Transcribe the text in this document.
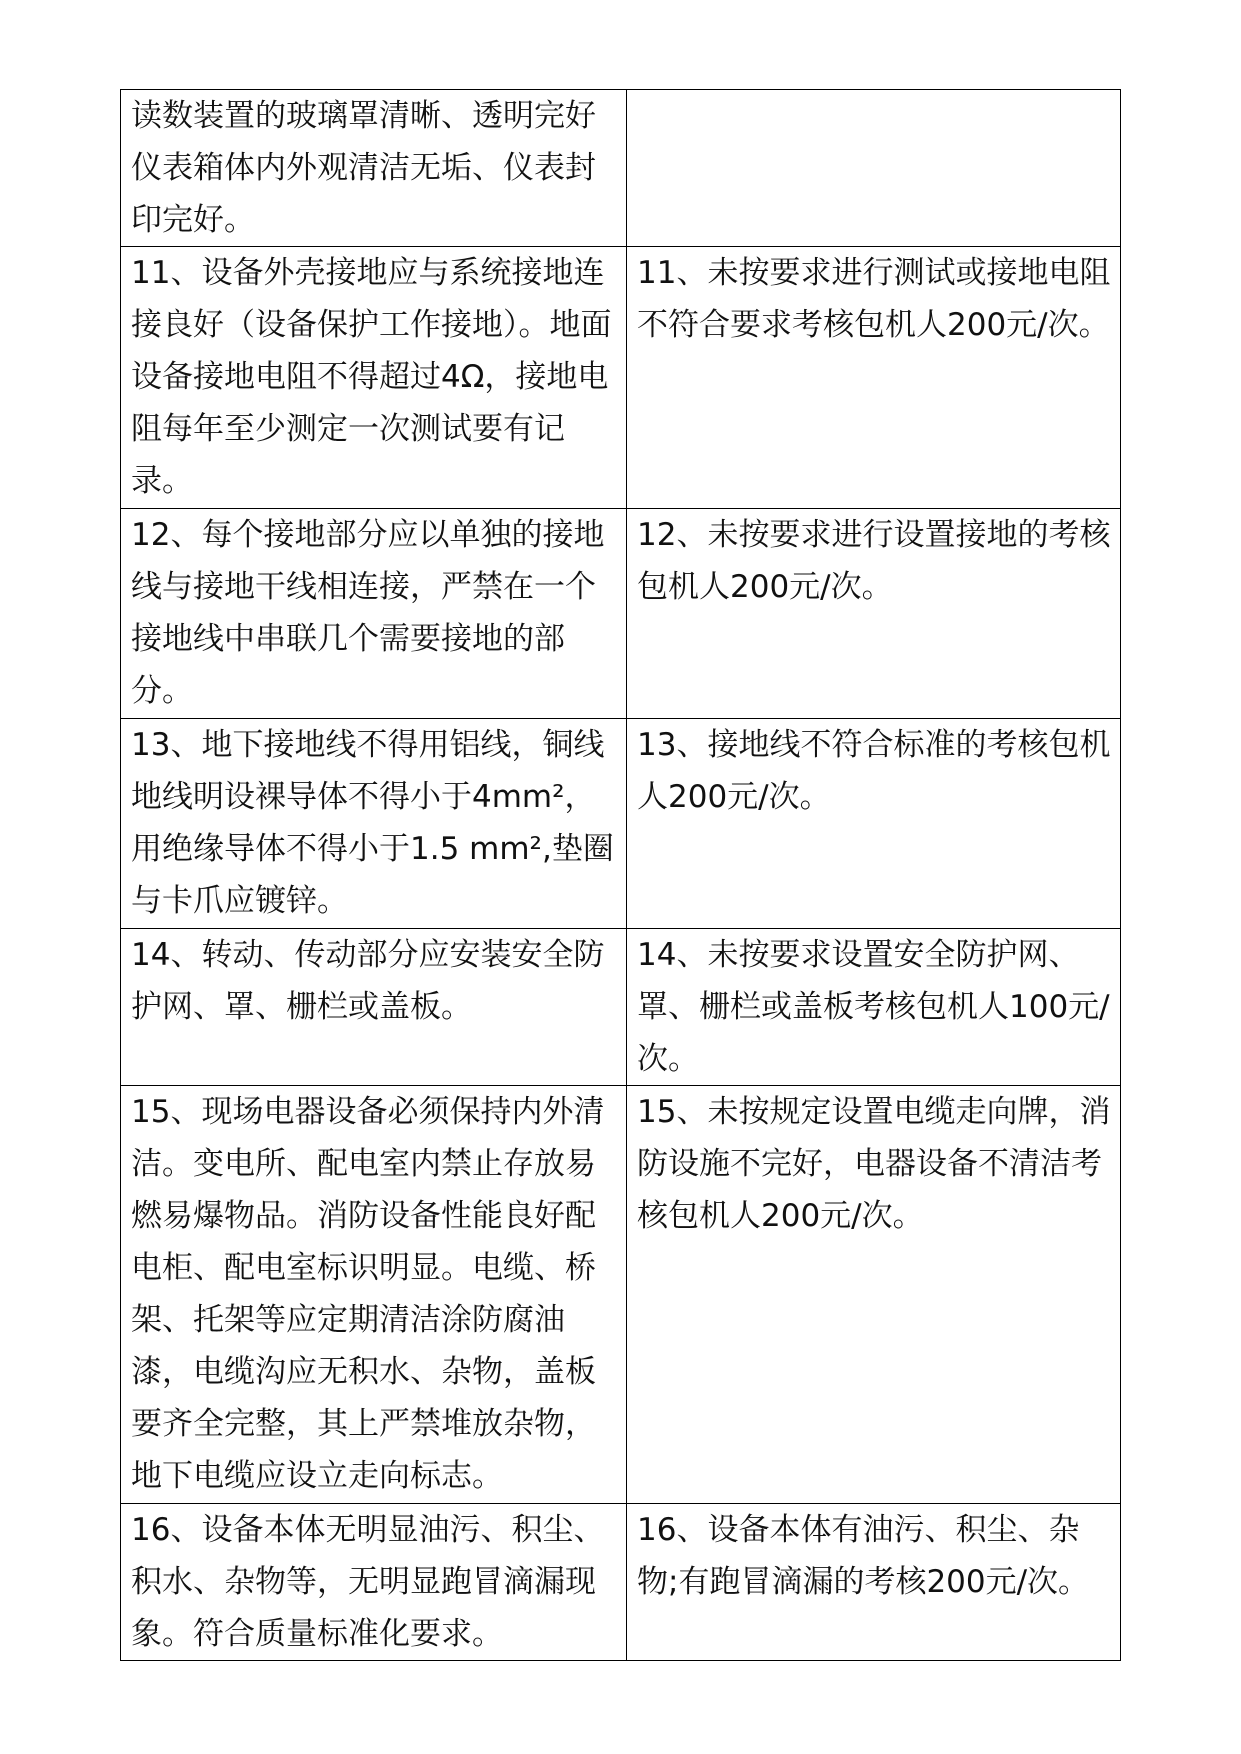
读数装置的玻璃罩清晰、透明完好仪表箱体内外观清洁无垢、仪表封印完好。	

11、设备外壳接地应与系统接地连接良好（设备保护工作接地）。地面设备接地电阻不得超过4Ω，接地电阻每年至少测定一次测试要有记录。	11、未按要求进行测试或接地电阻不符合要求考核包机人200元/次。

12、每个接地部分应以单独的接地线与接地干线相连接，严禁在一个接地线中串联几个需要接地的部分。	12、未按要求进行设置接地的考核包机人200元/次。

13、地下接地线不得用铝线，铜线地线明设裸导体不得小于4mm²，用绝缘导体不得小于1.5 mm²,垫圈与卡爪应镀锌。	13、接地线不符合标准的考核包机人200元/次。

14、转动、传动部分应安装安全防护网、罩、栅栏或盖板。	14、未按要求设置安全防护网、罩、栅栏或盖板考核包机人100元/次。

15、现场电器设备必须保持内外清洁。变电所、配电室内禁止存放易燃易爆物品。消防设备性能良好配电柜、配电室标识明显。电缆、桥架、托架等应定期清洁涂防腐油漆，电缆沟应无积水、杂物，盖板要齐全完整，其上严禁堆放杂物，地下电缆应设立走向标志。	15、未按规定设置电缆走向牌，消防设施不完好，电器设备不清洁考核包机人200元/次。

16、设备本体无明显油污、积尘、积水、杂物等，无明显跑冒滴漏现象。符合质量标准化要求。	16、设备本体有油污、积尘、杂物;有跑冒滴漏的考核200元/次。
